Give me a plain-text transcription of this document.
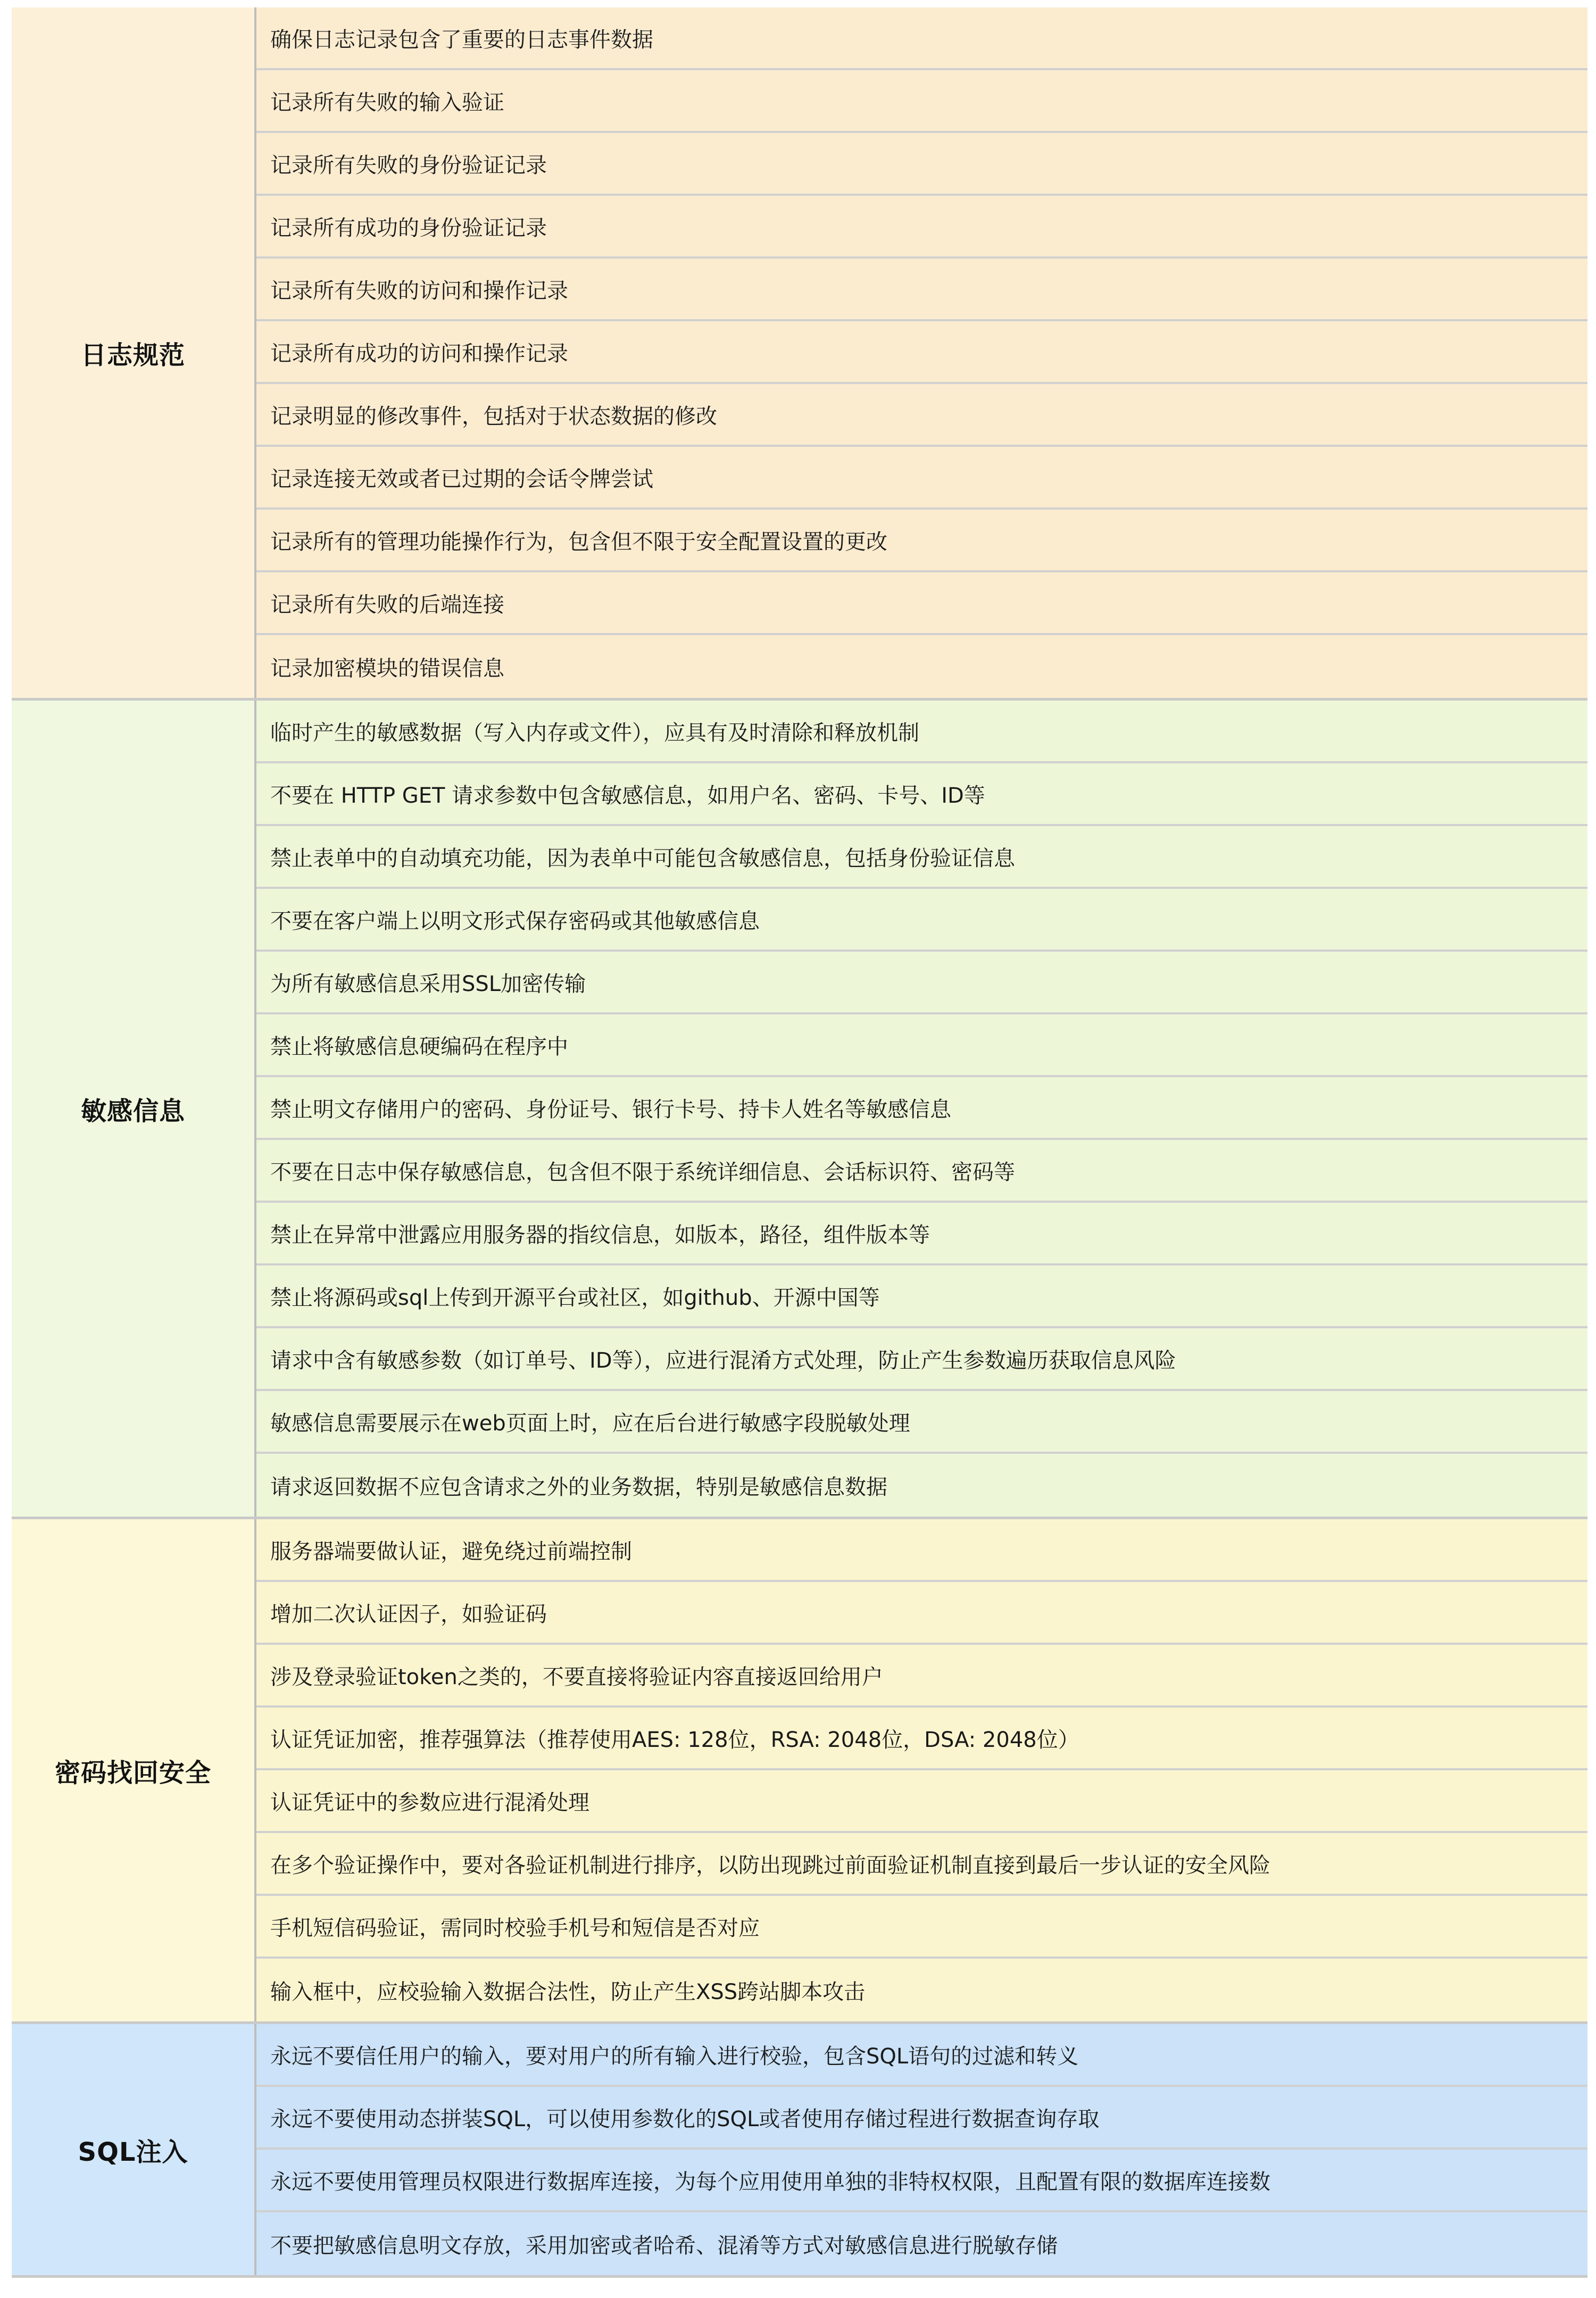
日志规范
确保日志记录包含了重要的日志事件数据
记录所有失败的输入验证
记录所有失败的身份验证记录
记录所有成功的身份验证记录
记录所有失败的访问和操作记录
记录所有成功的访问和操作记录
记录明显的修改事件，包括对于状态数据的修改
记录连接无效或者已过期的会话令牌尝试
记录所有的管理功能操作行为，包含但不限于安全配置设置的更改
记录所有失败的后端连接
记录加密模块的错误信息
敏感信息
临时产生的敏感数据（写入内存或文件），应具有及时清除和释放机制
不要在 HTTP GET 请求参数中包含敏感信息，如用户名、密码、卡号、ID等
禁止表单中的自动填充功能，因为表单中可能包含敏感信息，包括身份验证信息
不要在客户端上以明文形式保存密码或其他敏感信息
为所有敏感信息采用SSL加密传输
禁止将敏感信息硬编码在程序中
禁止明文存储用户的密码、身份证号、银行卡号、持卡人姓名等敏感信息
不要在日志中保存敏感信息，包含但不限于系统详细信息、会话标识符、密码等
禁止在异常中泄露应用服务器的指纹信息，如版本，路径，组件版本等
禁止将源码或sql上传到开源平台或社区，如github、开源中国等
请求中含有敏感参数（如订单号、ID等），应进行混淆方式处理，防止产生参数遍历获取信息风险
敏感信息需要展示在web页面上时，应在后台进行敏感字段脱敏处理
请求返回数据不应包含请求之外的业务数据，特别是敏感信息数据
密码找回安全
服务器端要做认证，避免绕过前端控制
增加二次认证因子，如验证码
涉及登录验证token之类的，不要直接将验证内容直接返回给用户
认证凭证加密，推荐强算法（推荐使用AES: 128位，RSA: 2048位，DSA: 2048位）
认证凭证中的参数应进行混淆处理
在多个验证操作中，要对各验证机制进行排序，以防出现跳过前面验证机制直接到最后一步认证的安全风险
手机短信码验证，需同时校验手机号和短信是否对应
输入框中，应校验输入数据合法性，防止产生XSS跨站脚本攻击
SQL注入
永远不要信任用户的输入，要对用户的所有输入进行校验，包含SQL语句的过滤和转义
永远不要使用动态拼装SQL，可以使用参数化的SQL或者使用存储过程进行数据查询存取
永远不要使用管理员权限进行数据库连接，为每个应用使用单独的非特权权限，且配置有限的数据库连接数
不要把敏感信息明文存放，采用加密或者哈希、混淆等方式对敏感信息进行脱敏存储
